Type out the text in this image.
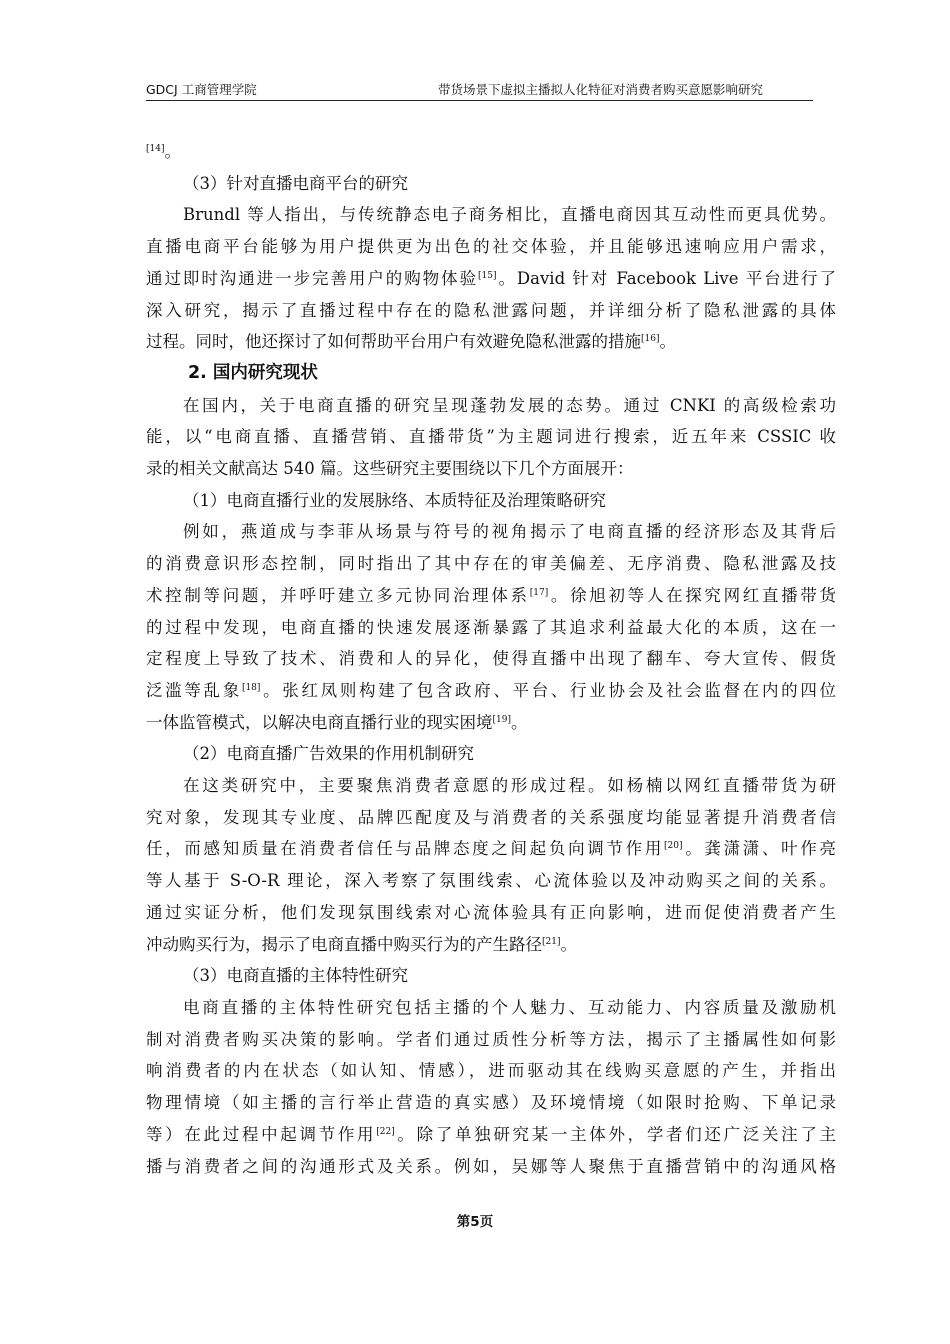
GDCJ 工商管理学院	带货场景下虚拟主播拟人化特征对消费者购买意愿影响研究

[14]。

（3）针对直播电商平台的研究

Brundl 等人指出，与传统静态电子商务相比，直播电商因其互动性而更具优势。
直播电商平台能够为用户提供更为出色的社交体验，并且能够迅速响应用户需求，
通过即时沟通进一步完善用户的购物体验[15]。David 针对 Facebook Live 平台进行了
深入研究，揭示了直播过程中存在的隐私泄露问题，并详细分析了隐私泄露的具体
过程。同时，他还探讨了如何帮助平台用户有效避免隐私泄露的措施[16]。

2. 国内研究现状

在国内，关于电商直播的研究呈现蓬勃发展的态势。通过 CNKI 的高级检索功
能，以“电商直播、直播营销、直播带货”为主题词进行搜索，近五年来 CSSIC 收
录的相关文献高达 540 篇。这些研究主要围绕以下几个方面展开：

（1）电商直播行业的发展脉络、本质特征及治理策略研究

例如，燕道成与李菲从场景与符号的视角揭示了电商直播的经济形态及其背后
的消费意识形态控制，同时指出了其中存在的审美偏差、无序消费、隐私泄露及技
术控制等问题，并呼吁建立多元协同治理体系[17]。徐旭初等人在探究网红直播带货
的过程中发现，电商直播的快速发展逐渐暴露了其追求利益最大化的本质，这在一
定程度上导致了技术、消费和人的异化，使得直播中出现了翻车、夸大宣传、假货
泛滥等乱象[18]。张红凤则构建了包含政府、平台、行业协会及社会监督在内的四位
一体监管模式，以解决电商直播行业的现实困境[19]。

（2）电商直播广告效果的作用机制研究

在这类研究中，主要聚焦消费者意愿的形成过程。如杨楠以网红直播带货为研
究对象，发现其专业度、品牌匹配度及与消费者的关系强度均能显著提升消费者信
任，而感知质量在消费者信任与品牌态度之间起负向调节作用[20]。龚潇潇、叶作亮
等人基于 S-O-R 理论，深入考察了氛围线索、心流体验以及冲动购买之间的关系。
通过实证分析，他们发现氛围线索对心流体验具有正向影响，进而促使消费者产生
冲动购买行为，揭示了电商直播中购买行为的产生路径[21]。

（3）电商直播的主体特性研究

电商直播的主体特性研究包括主播的个人魅力、互动能力、内容质量及激励机
制对消费者购买决策的影响。学者们通过质性分析等方法，揭示了主播属性如何影
响消费者的内在状态（如认知、情感），进而驱动其在线购买意愿的产生，并指出
物理情境（如主播的言行举止营造的真实感）及环境情境（如限时抢购、下单记录
等）在此过程中起调节作用[22]。除了单独研究某一主体外，学者们还广泛关注了主
播与消费者之间的沟通形式及关系。例如，吴娜等人聚焦于直播营销中的沟通风格

第5页
